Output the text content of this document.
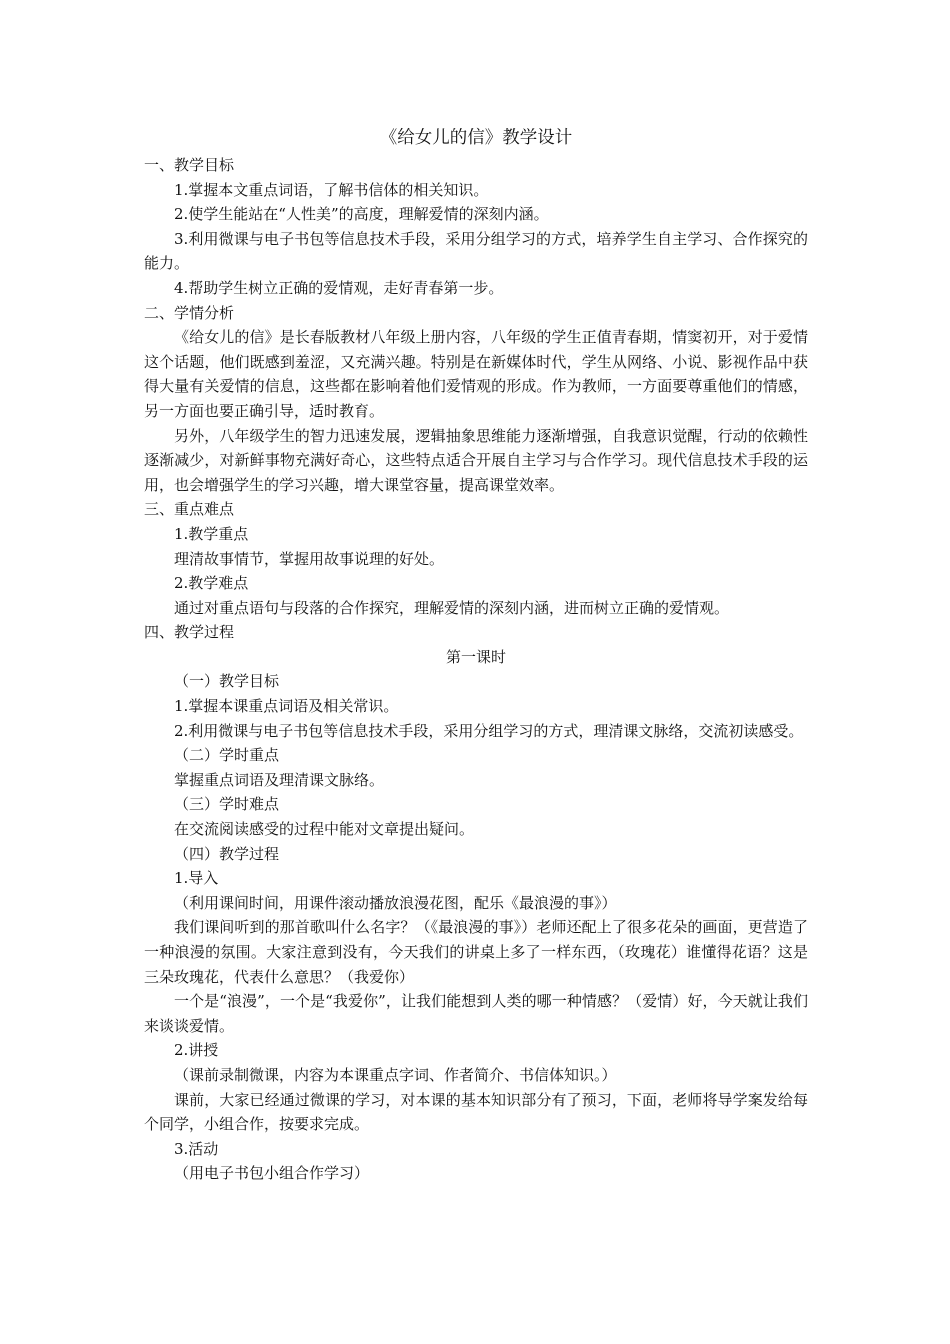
《给女儿的信》教学设计

一、教学目标

1.掌握本文重点词语，了解书信体的相关知识。

2.使学生能站在“人性美”的高度，理解爱情的深刻内涵。

3.利用微课与电子书包等信息技术手段，采用分组学习的方式，培养学生自主学习、合作探究的能力。

4.帮助学生树立正确的爱情观，走好青春第一步。

二、学情分析

《给女儿的信》是长春版教材八年级上册内容，八年级的学生正值青春期，情窦初开，对于爱情这个话题，他们既感到羞涩，又充满兴趣。特别是在新媒体时代，学生从网络、小说、影视作品中获得大量有关爱情的信息，这些都在影响着他们爱情观的形成。作为教师，一方面要尊重他们的情感，另一方面也要正确引导，适时教育。

另外，八年级学生的智力迅速发展，逻辑抽象思维能力逐渐增强，自我意识觉醒，行动的依赖性逐渐减少，对新鲜事物充满好奇心，这些特点适合开展自主学习与合作学习。现代信息技术手段的运用，也会增强学生的学习兴趣，增大课堂容量，提高课堂效率。

三、重点难点

1.教学重点

理清故事情节，掌握用故事说理的好处。

2.教学难点

通过对重点语句与段落的合作探究，理解爱情的深刻内涵，进而树立正确的爱情观。

四、教学过程

第一课时

（一）教学目标

1.掌握本课重点词语及相关常识。

2.利用微课与电子书包等信息技术手段，采用分组学习的方式，理清课文脉络，交流初读感受。

（二）学时重点

掌握重点词语及理清课文脉络。

（三）学时难点

在交流阅读感受的过程中能对文章提出疑问。

（四）教学过程

1.导入

（利用课间时间，用课件滚动播放浪漫花图，配乐《最浪漫的事》）

我们课间听到的那首歌叫什么名字？（《最浪漫的事》）老师还配上了很多花朵的画面，更营造了一种浪漫的氛围。大家注意到没有，今天我们的讲桌上多了一样东西，（玫瑰花）谁懂得花语？这是三朵玫瑰花，代表什么意思？（我爱你）

一个是“浪漫”，一个是“我爱你”，让我们能想到人类的哪一种情感？（爱情）好，今天就让我们来谈谈爱情。

2.讲授

（课前录制微课，内容为本课重点字词、作者简介、书信体知识。）

课前，大家已经通过微课的学习，对本课的基本知识部分有了预习，下面，老师将导学案发给每个同学，小组合作，按要求完成。

3.活动

（用电子书包小组合作学习）
